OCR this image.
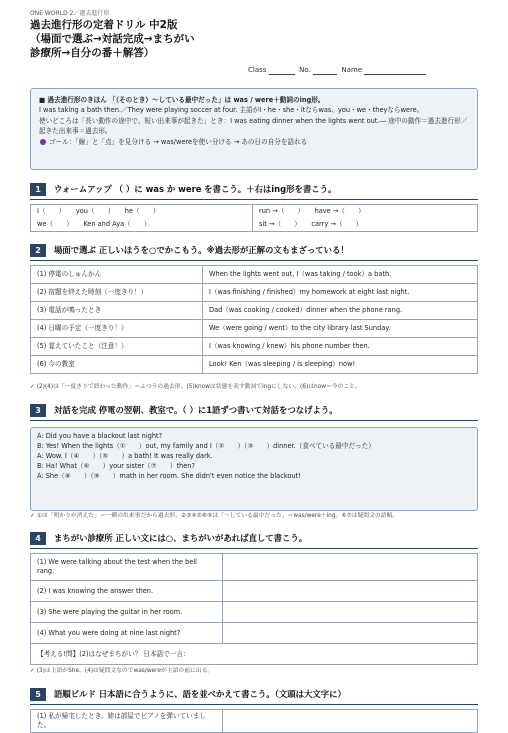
ONE WORLD 2／過去進行形
過去進行形の定着ドリル 中2版
（場面で選ぶ→対話完成→まちがい
診療所→自分の番＋解答）
Class	No.	Name
■ 過去進行形のきほん 「（そのとき）～している最中だった」は was / were＋動詞のing形。
I was taking a bath then.／They were playing soccer at four. 主語がI・he・she・itならwas、you・we・theyならwere。
使いどころは「長い動作の途中で、短い出来事が起きた」とき：I was eating dinner when the lights went out.― 途中の動作＝過去進行形／起きた出来事＝過去形。
ゴール：「線」と「点」を見分ける → was/wereを使い分ける → あの日の自分を語れる
1	ウォームアップ （ ）に was か were を書こう。＋右はing形を書こう。
I（　　） you（　　） he（　　）	run →（　　） have →（　　）
we（　　） Ken and Aya（　　）	sit →（　　） carry →（　　）
2	場面で選ぶ 正しいほうを○でかこもう。※過去形が正解の文もまざっている！
(1) 停電のしゅんかん	When the lights went out, I（was taking / took）a bath.
(2) 宿題を終えた時刻（一度きり！）	I（was finishing / finished）my homework at eight last night.
(3) 電話が鳴ったとき	Dad（was cooking / cooked）dinner when the phone rang.
(4) 日曜の予定（一度きり！）	We（were going / went）to the city library last Sunday.
(5) 覚えていたこと（注意！）	I（was knowing / knew）his phone number then.
(6) 今の教室	Look! Ken（was sleeping / is sleeping）now!
✓ (2)(4)は「一度きりで終わった動作」＝ふつうの過去形。(5)knowは状態を表す動詞でingにしない。(6)はnow＝今のこと。
3	対話を完成 停電の翌朝、教室で。（ ）に1語ずつ書いて対話をつなげよう。
A: Did you have a blackout last night?
B: Yes! When the lights（①　　）out, my family and I（②　　）（③　　）dinner.（食べている最中だった）
A: Wow. I（④　　）（⑤　　）a bath! It was really dark.
B: Ha! What（⑥　　）your sister（⑦　　）then?
A: She（⑧　　）（⑨　　）math in her room. She didn't even notice the blackout!
✓ ①は「明かりが消えた」＝一瞬の出来事だから過去形。②③④⑤⑧⑨は「～している最中だった」＝was/were＋ing。⑥⑦は疑問文の語順。
4	まちがい診療所 正しい文には○、まちがいがあれば直して書こう。
(1) We were talking about the test when the bell rang.	
(2) I was knowing the answer then.	
(3) She were playing the guitar in her room.	
(4) What you were doing at nine last night?	
【考える!問】(2)はなぜまちがい？ 日本語で一言：	
✓ (3)は主語がShe。(4)は疑問文なのでwas/wereが主語の前に出る。
5	語順ビルド 日本語に合うように、語を並べかえて書こう。（文頭は大文字に）
(1) 私が帰宅したとき、姉は部屋でピアノを弾いていました。	
